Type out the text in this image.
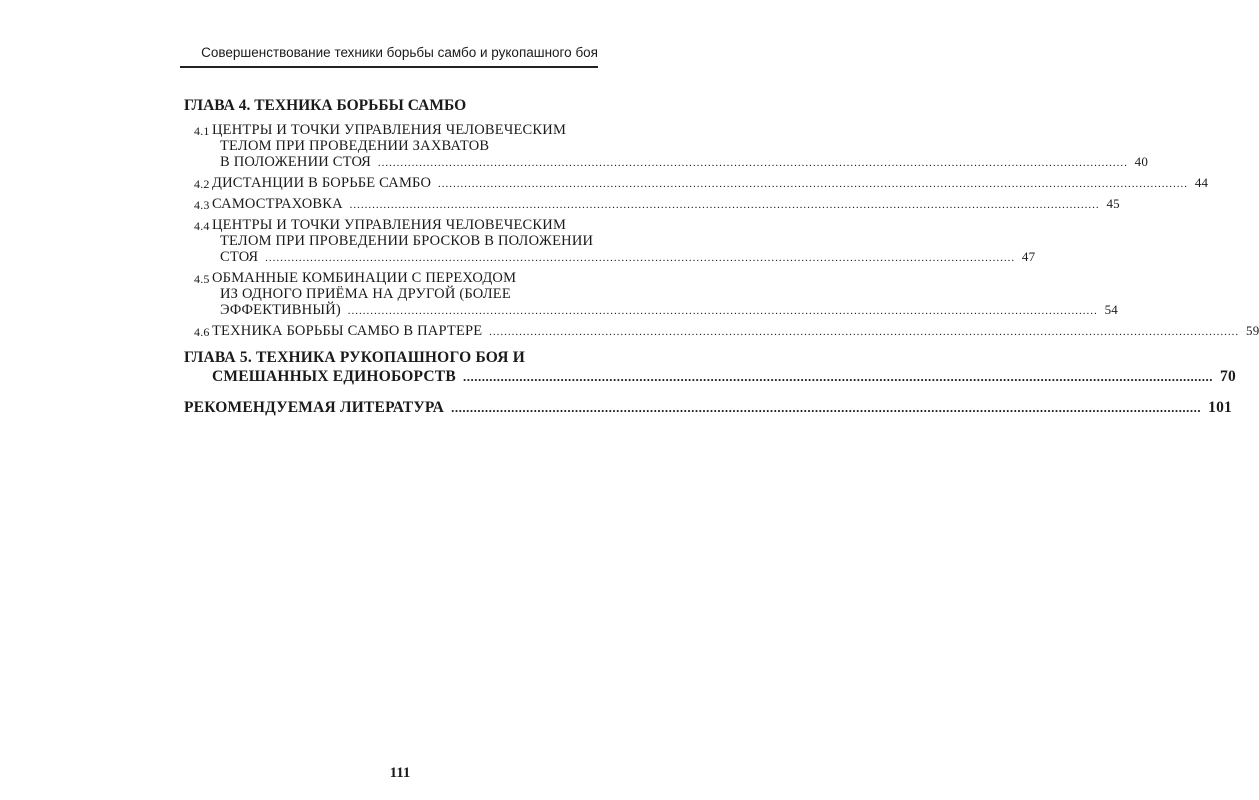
Совершенствование техники борьбы самбо и рукопашного боя
ГЛАВА 4. ТЕХНИКА БОРЬБЫ САМБО
4.1 ЦЕНТРЫ И ТОЧКИ УПРАВЛЕНИЯ ЧЕЛОВЕЧЕСКИМ
ТЕЛОМ ПРИ ПРОВЕДЕНИИ ЗАХВАТОВ
В ПОЛОЖЕНИИ СТОЯ .....	40
4.2 ДИСТАНЦИИ В БОРЬБЕ САМБО .....	44
4.3 САМОСТРАХОВКА .....	45
4.4 ЦЕНТРЫ И ТОЧКИ УПРАВЛЕНИЯ ЧЕЛОВЕЧЕСКИМ
ТЕЛОМ ПРИ ПРОВЕДЕНИИ БРОСКОВ В ПОЛОЖЕНИИ
СТОЯ .....	47
4.5 ОБМАННЫЕ КОМБИНАЦИИ С ПЕРЕХОДОМ
ИЗ ОДНОГО ПРИЁМА НА ДРУГОЙ (БОЛЕЕ
ЭФФЕКТИВНЫЙ) .....	54
4.6 ТЕХНИКА БОРЬБЫ САМБО В ПАРТЕРЕ .....	59
ГЛАВА 5. ТЕХНИКА РУКОПАШНОГО БОЯ И
СМЕШАННЫХ ЕДИНОБОРСТВ .....	70
РЕКОМЕНДУЕМАЯ ЛИТЕРАТУРА .....	101
111
